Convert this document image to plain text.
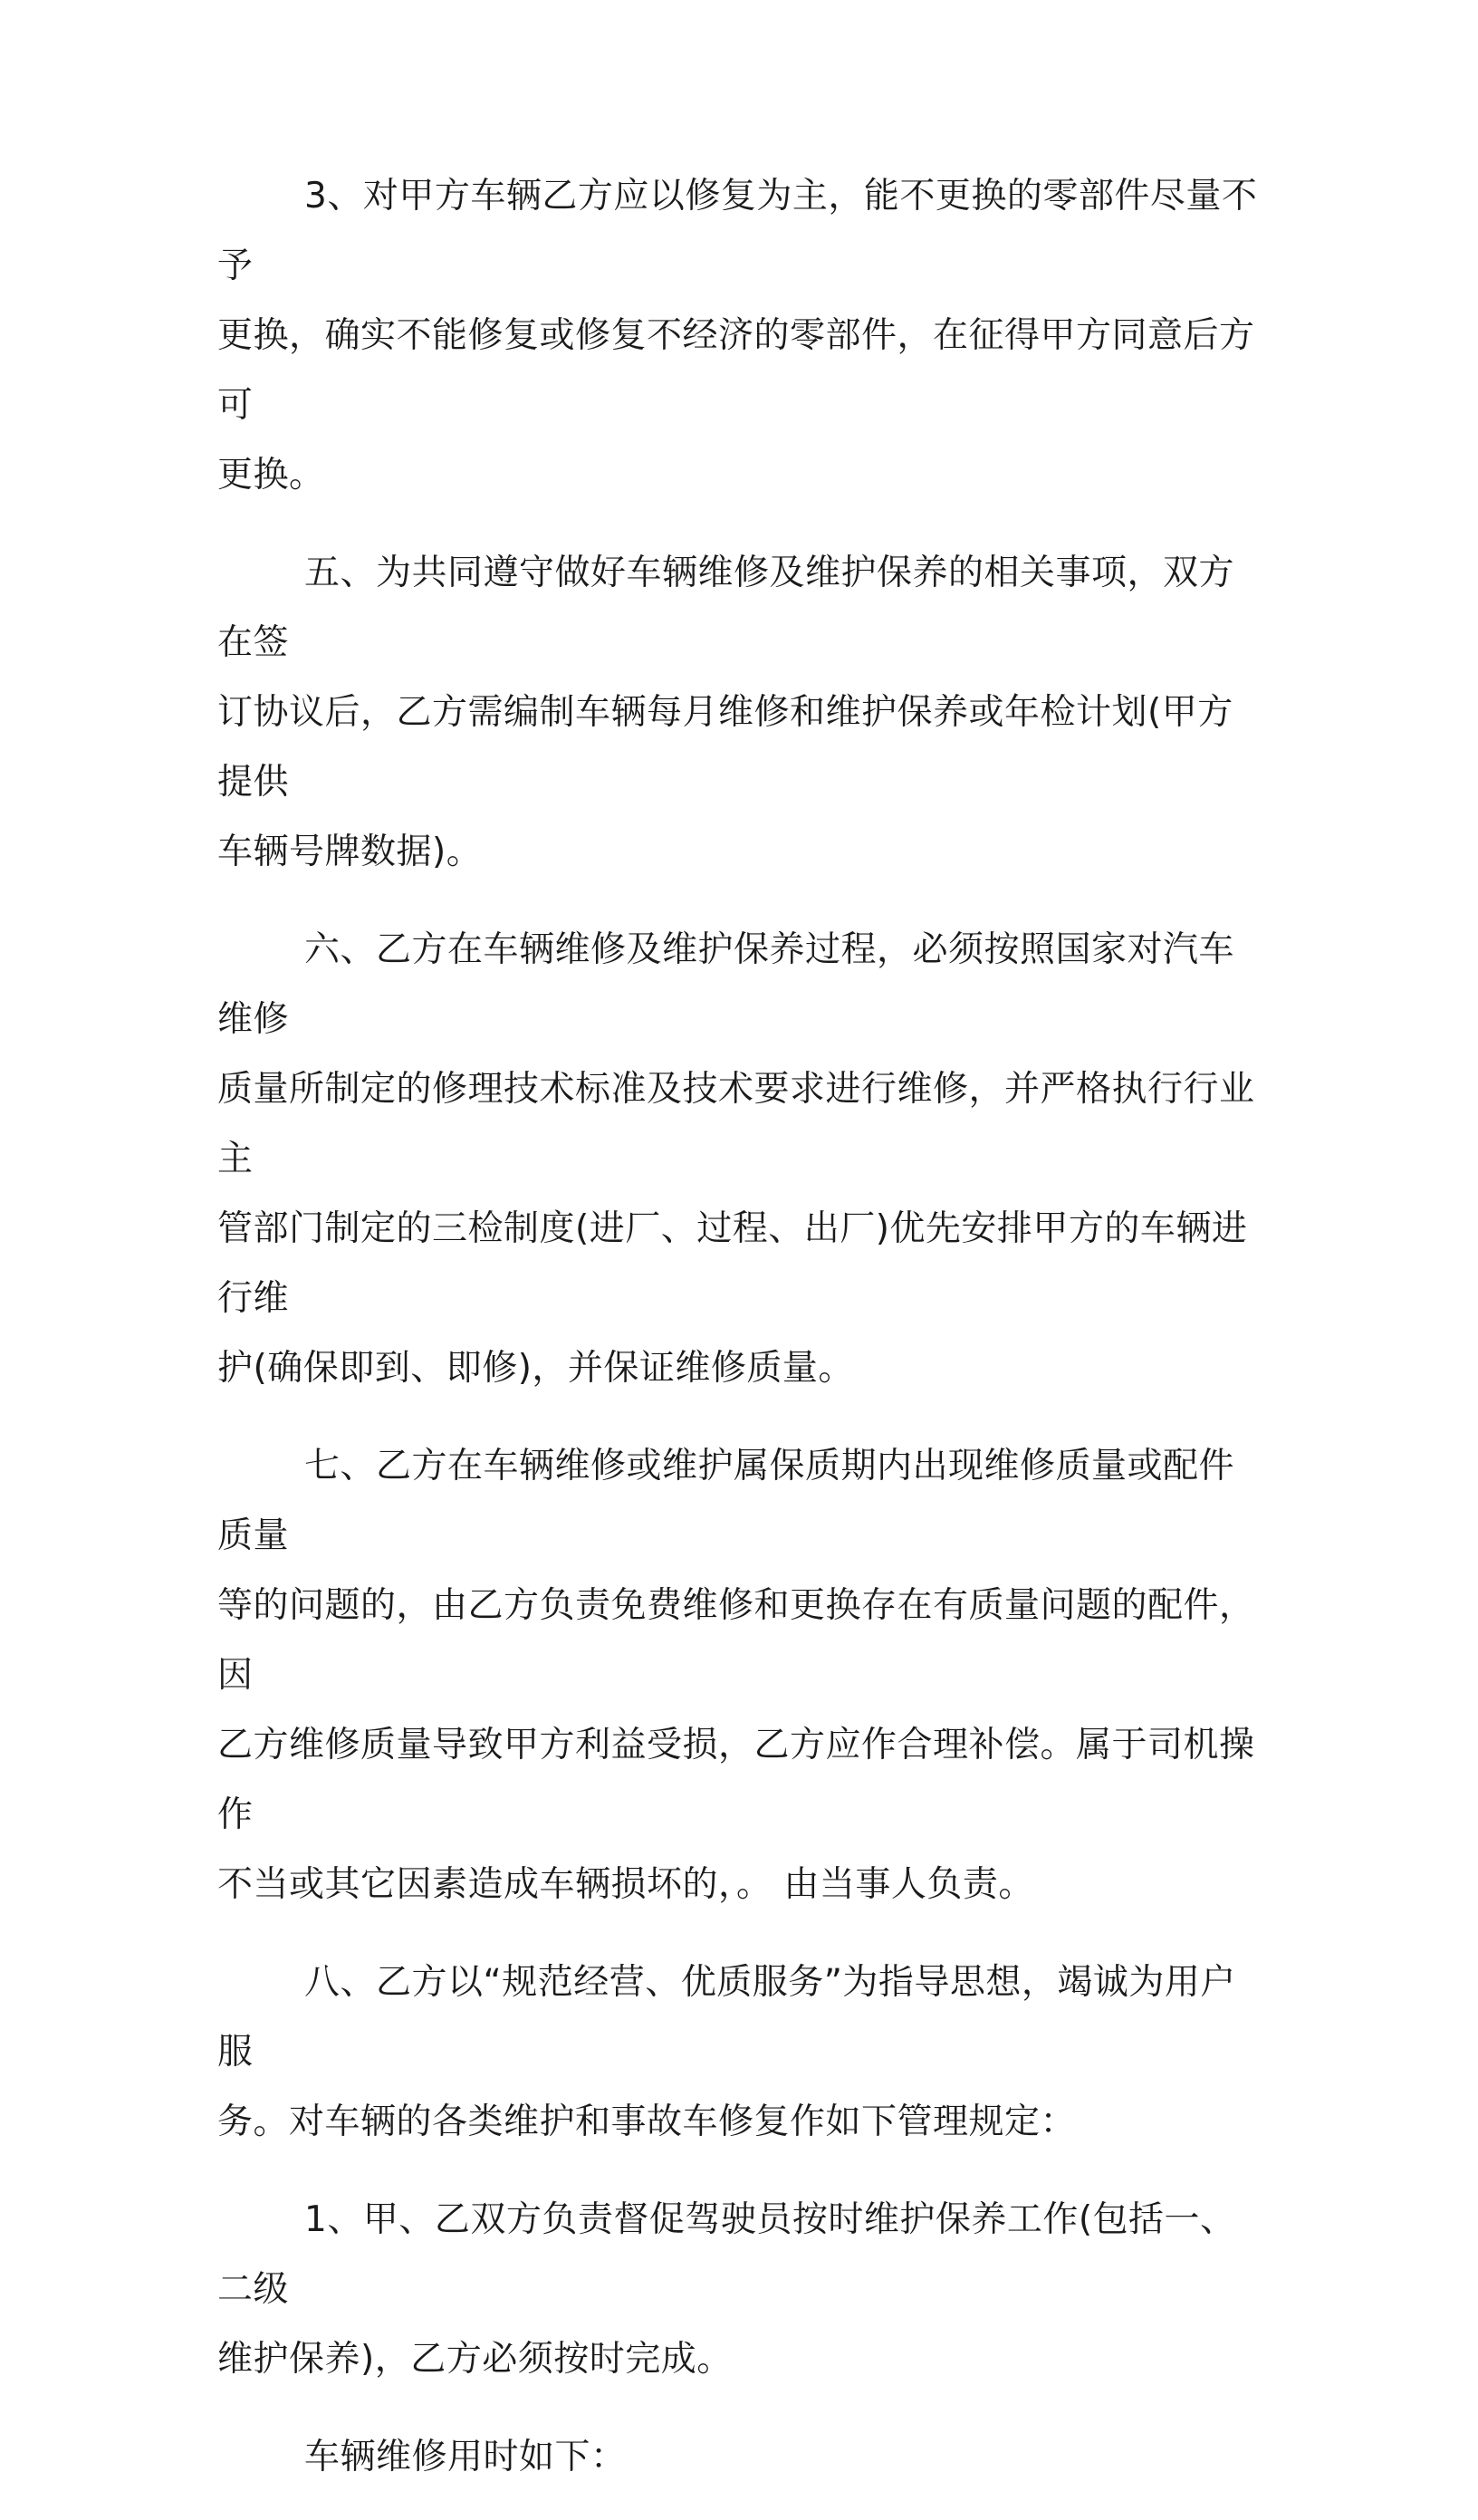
3、对甲方车辆乙方应以修复为主，能不更换的零部件尽量不予
更换，确实不能修复或修复不经济的零部件，在征得甲方同意后方可
更换。

五、为共同遵守做好车辆维修及维护保养的相关事项，双方在签
订协议后，乙方需编制车辆每月维修和维护保养或年检计划(甲方提供
车辆号牌数据)。

六、乙方在车辆维修及维护保养过程，必须按照国家对汽车维修
质量所制定的修理技术标准及技术要求进行维修，并严格执行行业主
管部门制定的三检制度(进厂、过程、出厂)优先安排甲方的车辆进行维
护(确保即到、即修)，并保证维修质量。

七、乙方在车辆维修或维护属保质期内出现维修质量或配件质量
等的问题的，由乙方负责免费维修和更换存在有质量问题的配件，因
乙方维修质量导致甲方利益受损，乙方应作合理补偿。属于司机操作
不当或其它因素造成车辆损坏的，。 由当事人负责。

八、乙方以“规范经营、优质服务”为指导思想，竭诚为用户服
务。对车辆的各类维护和事故车修复作如下管理规定：

1、甲、乙双方负责督促驾驶员按时维护保养工作(包括一、二级
维护保养)，乙方必须按时完成。

车辆维修用时如下：
